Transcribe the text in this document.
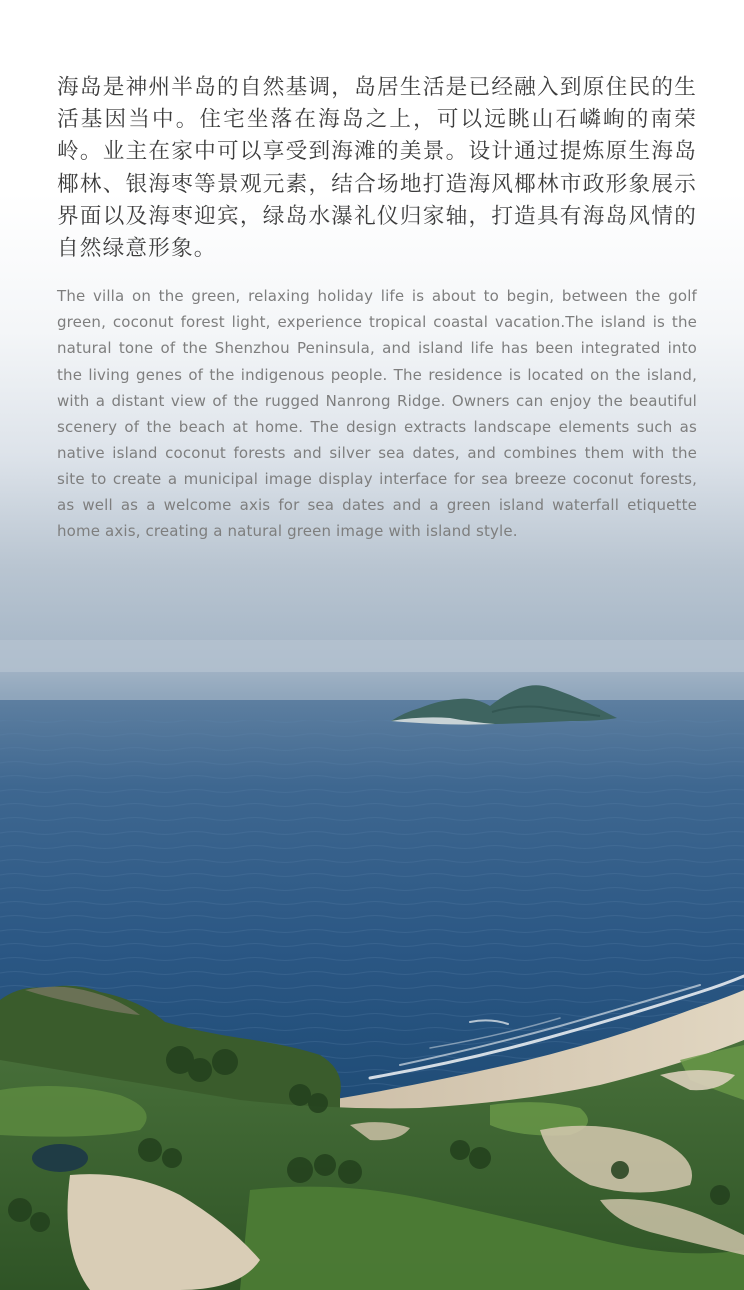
海岛是神州半岛的自然基调，岛居生活是已经融入到原住民的生活基因当中。住宅坐落在海岛之上，可以远眺山石嶙峋的南荣岭。业主在家中可以享受到海滩的美景。设计通过提炼原生海岛椰林、银海枣等景观元素，结合场地打造海风椰林市政形象展示界面以及海枣迎宾，绿岛水瀑礼仪归家轴，打造具有海岛风情的自然绿意形象。

The villa on the green, relaxing holiday life is about to begin, between the golf green, coconut forest light, experience tropical coastal vacation.The island is the natural tone of the Shenzhou Peninsula, and island life has been integrated into the living genes of the indigenous people. The residence is located on the island, with a distant view of the rugged Nanrong Ridge. Owners can enjoy the beautiful scenery of the beach at home. The design extracts landscape elements such as native island coconut forests and silver sea dates, and combines them with the site to create a municipal image display interface for sea breeze coconut forests, as well as a welcome axis for sea dates and a green island waterfall etiquette home axis, creating a natural green image with island style.
